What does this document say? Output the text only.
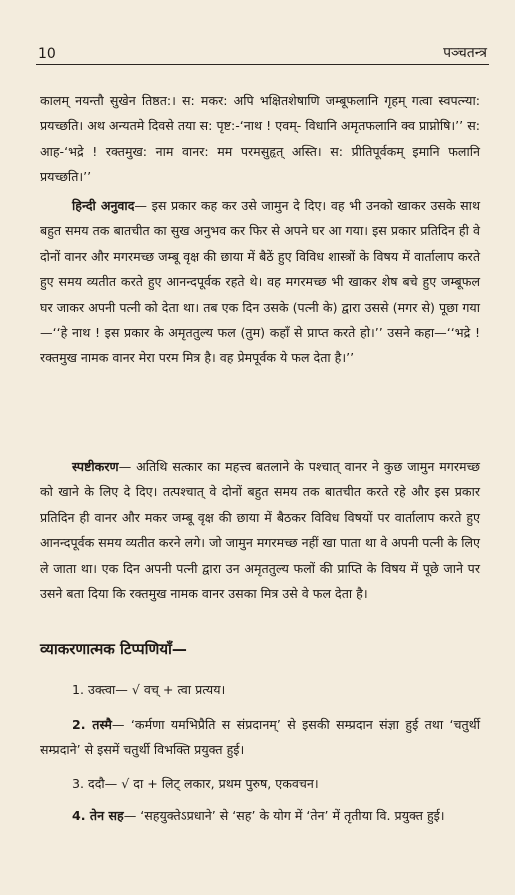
10	पञ्चतन्त्र
कालम् नयन्तौ सुखेन तिष्ठत:। स: मकर: अपि भक्षितशेषाणि जम्बूफलानि गृहम् गत्वा स्वपत्न्या: प्रयच्छति। अथ अन्यतमे दिवसे तया स: पृष्ट:-‘नाथ ! एवम्- विधानि अमृतफलानि क्व प्राप्नोषि।’’ स: आह-‘भद्रे ! रक्तमुख: नाम वानर: मम परमसुहृत् अस्ति। स: प्रीतिपूर्वकम् इमानि फलानि प्रयच्छति।’’
हिन्दी अनुवाद— इस प्रकार कह कर उसे जामुन दे दिए। वह भी उनको खाकर उसके साथ बहुत समय तक बातचीत का सुख अनुभव कर फिर से अपने घर आ गया। इस प्रकार प्रतिदिन ही वे दोनों वानर और मगरमच्छ जम्बू वृक्ष की छाया में बैठें हुए विविध शास्त्रों के विषय में वार्तालाप करते हुए समय व्यतीत करते हुए आनन्दपूर्वक रहते थे। वह मगरमच्छ भी खाकर शेष बचे हुए जम्बूफल घर जाकर अपनी पत्नी को देता था। तब एक दिन उसके (पत्नी के) द्वारा उससे (मगर से) पूछा गया—‘‘हे नाथ ! इस प्रकार के अमृततुल्य फल (तुम) कहाँ से प्राप्त करते हो।’’ उसने कहा—‘‘भद्रे ! रक्तमुख नामक वानर मेरा परम मित्र है। वह प्रेमपूर्वक ये फल देता है।’’
स्पष्टीकरण— अतिथि सत्कार का महत्त्व बतलाने के पश्चात् वानर ने कुछ जामुन मगरमच्छ को खाने के लिए दे दिए। तत्पश्चात् वे दोनों बहुत समय तक बातचीत करते रहे और इस प्रकार प्रतिदिन ही वानर और मकर जम्बू वृक्ष की छाया में बैठकर विविध विषयों पर वार्तालाप करते हुए आनन्दपूर्वक समय व्यतीत करने लगे। जो जामुन मगरमच्छ नहीं खा पाता था वे अपनी पत्नी के लिए ले जाता था। एक दिन अपनी पत्नी द्वारा उन अमृततुल्य फलों की प्राप्ति के विषय में पूछे जाने पर उसने बता दिया कि रक्तमुख नामक वानर उसका मित्र उसे वे फल देता है।
व्याकरणात्मक टिप्पणियाँ—
1. उक्त्वा— √ वच् + त्वा प्रत्यय।
2. तस्मै— ‘कर्मणा यमभिप्रैति स संप्रदानम्’ से इसकी सम्प्रदान संज्ञा हुई तथा ‘चतुर्थी सम्प्रदाने’ से इसमें चतुर्थी विभक्ति प्रयुक्त हुई।
3. ददौ— √ दा + लिट् लकार, प्रथम पुरुष, एकवचन।
4. तेन सह— ‘सहयुक्तेऽप्रधाने’ से ‘सह’ के योग में ‘तेन’ में तृतीया वि. प्रयुक्त हुई।
